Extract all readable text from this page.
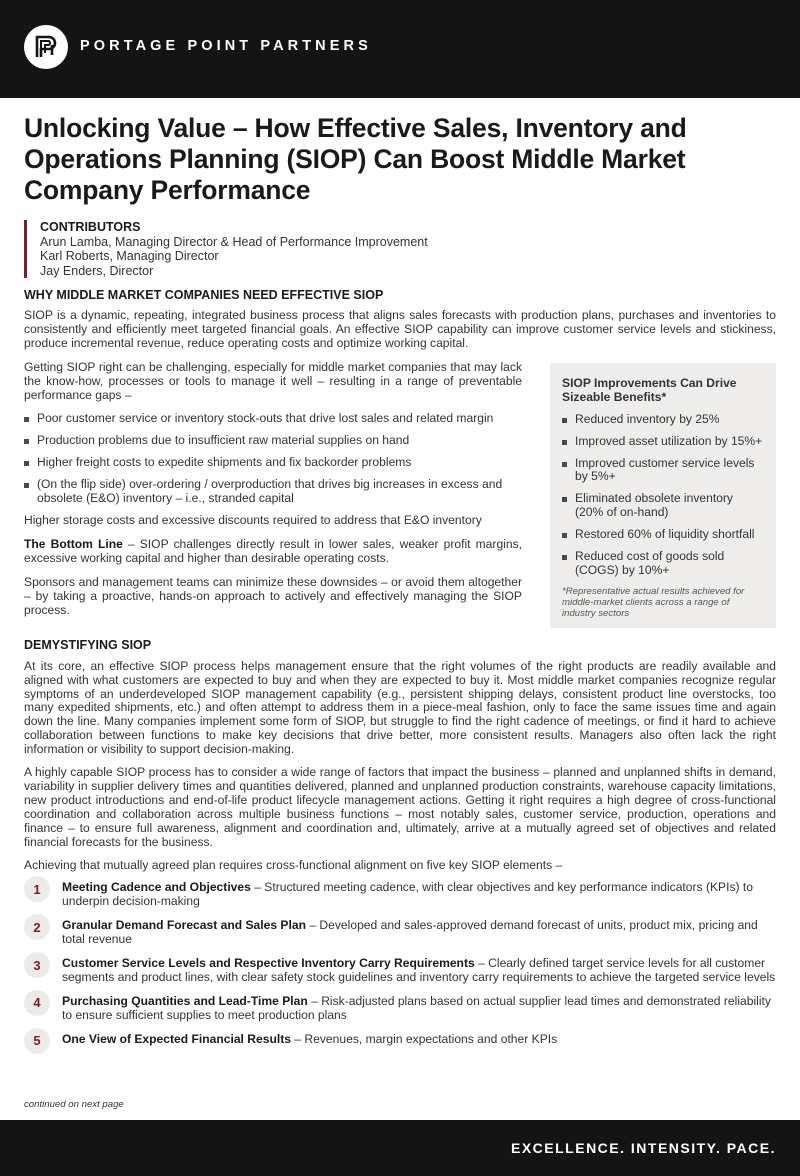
PORTAGE POINT PARTNERS
Unlocking Value – How Effective Sales, Inventory and Operations Planning (SIOP) Can Boost Middle Market Company Performance
CONTRIBUTORS
Arun Lamba, Managing Director & Head of Performance Improvement
Karl Roberts, Managing Director
Jay Enders, Director
WHY MIDDLE MARKET COMPANIES NEED EFFECTIVE SIOP

SIOP is a dynamic, repeating, integrated business process that aligns sales forecasts with production plans, purchases and inventories to consistently and efficiently meet targeted financial goals. An effective SIOP capability can improve customer service levels and stickiness, produce incremental revenue, reduce operating costs and optimize working capital.

Getting SIOP right can be challenging, especially for middle market companies that may lack the know-how, processes or tools to manage it well – resulting in a range of preventable performance gaps –

Poor customer service or inventory stock-outs that drive lost sales and related margin
Production problems due to insufficient raw material supplies on hand
Higher freight costs to expedite shipments and fix backorder problems
(On the flip side) over-ordering / overproduction that drives big increases in excess and obsolete (E&O) inventory – i.e., stranded capital

Higher storage costs and excessive discounts required to address that E&O inventory

The Bottom Line – SIOP challenges directly result in lower sales, weaker profit margins, excessive working capital and higher than desirable operating costs.

Sponsors and management teams can minimize these downsides – or avoid them altogether – by taking a proactive, hands-on approach to actively and effectively managing the SIOP process.

SIOP Improvements Can Drive Sizeable Benefits*
Reduced inventory by 25%
Improved asset utilization by 15%+
Improved customer service levels by 5%+
Eliminated obsolete inventory (20% of on-hand)
Restored 60% of liquidity shortfall
Reduced cost of goods sold (COGS) by 10%+
*Representative actual results achieved for middle-market clients across a range of industry sectors
DEMYSTIFYING SIOP

At its core, an effective SIOP process helps management ensure that the right volumes of the right products are readily available and aligned with what customers are expected to buy and when they are expected to buy it. Most middle market companies recognize regular symptoms of an underdeveloped SIOP management capability (e.g., persistent shipping delays, consistent product line overstocks, too many expedited shipments, etc.) and often attempt to address them in a piece-meal fashion, only to face the same issues time and again down the line. Many companies implement some form of SIOP, but struggle to find the right cadence of meetings, or find it hard to achieve collaboration between functions to make key decisions that drive better, more consistent results. Managers also often lack the right information or visibility to support decision-making.

A highly capable SIOP process has to consider a wide range of factors that impact the business – planned and unplanned shifts in demand, variability in supplier delivery times and quantities delivered, planned and unplanned production constraints, warehouse capacity limitations, new product introductions and end-of-life product lifecycle management actions. Getting it right requires a high degree of cross-functional coordination and collaboration across multiple business functions – most notably sales, customer service, production, operations and finance – to ensure full awareness, alignment and coordination and, ultimately, arrive at a mutually agreed set of objectives and related financial forecasts for the business.

Achieving that mutually agreed plan requires cross-functional alignment on five key SIOP elements –

1	Meeting Cadence and Objectives – Structured meeting cadence, with clear objectives and key performance indicators (KPIs) to underpin decision-making
2	Granular Demand Forecast and Sales Plan – Developed and sales-approved demand forecast of units, product mix, pricing and total revenue
3	Customer Service Levels and Respective Inventory Carry Requirements – Clearly defined target service levels for all customer segments and product lines, with clear safety stock guidelines and inventory carry requirements to achieve the targeted service levels
4	Purchasing Quantities and Lead-Time Plan – Risk-adjusted plans based on actual supplier lead times and demonstrated reliability to ensure sufficient supplies to meet production plans
5	One View of Expected Financial Results – Revenues, margin expectations and other KPIs
continued on next page
EXCELLENCE. INTENSITY. PACE.
